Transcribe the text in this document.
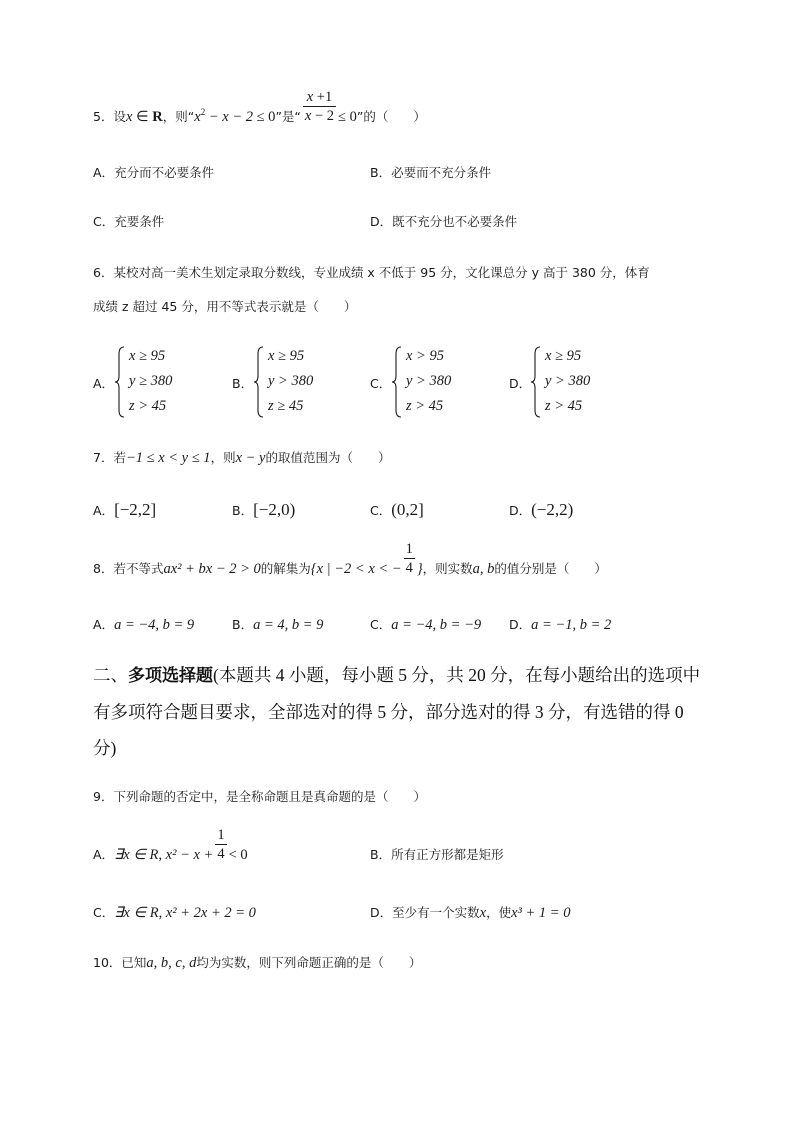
5．设x ∈ R，则“$x^2 - x - 2 \le 0$”是“ $\frac{x +1}{x - 2} \le 0$”的（　　）
A．充分而不必要条件	B．必要而不充分条件
C．充要条件	D．既不充分也不必要条件
6．某校对高一美术生划定录取分数线，专业成绩 x 不低于 95 分，文化课总分 y 高于 380 分，体育
成绩 z 超过 45 分，用不等式表示就是（　　）
A．
x ≥ 95
y ≥ 380
z > 45
B．
x ≥ 95
y > 380
z ≥ 45
C．
x > 95
y > 380
z > 45
D．
x ≥ 95
y > 380
z > 45
7．若−1 ≤ x < y ≤ 1，则x − y的取值范围为（　　）
A．[−2,2]	B．[−2,0)	C．(0,2]	D．(−2,2)
8．若不等式ax² + bx − 2 > 0的解集为{x | −2 < x < − $\frac{1}{4}$ }，则实数a, b的值分别是（　　）
A．a = −4, b = 9	B．a = 4, b = 9	C．a = −4, b = −9 D．a = −1, b = 2
二、多项选择题(本题共 4 小题，每小题 5 分，共 20 分，在每小题给出的选项中有多项符合题目要求，全部选对的得 5 分，部分选对的得 3 分，有选错的得 0 分)
9．下列命题的否定中，是全称命题且是真命题的是（　　）
A．∃x ∈ R, $x^2 - x + \frac{1}{4} < 0$	B．所有正方形都是矩形
C．∃x ∈ R, x² + 2x + 2 = 0	D．至少有一个实数x，使x³ + 1 = 0
10．已知a, b, c, d均为实数，则下列命题正确的是（　　）
